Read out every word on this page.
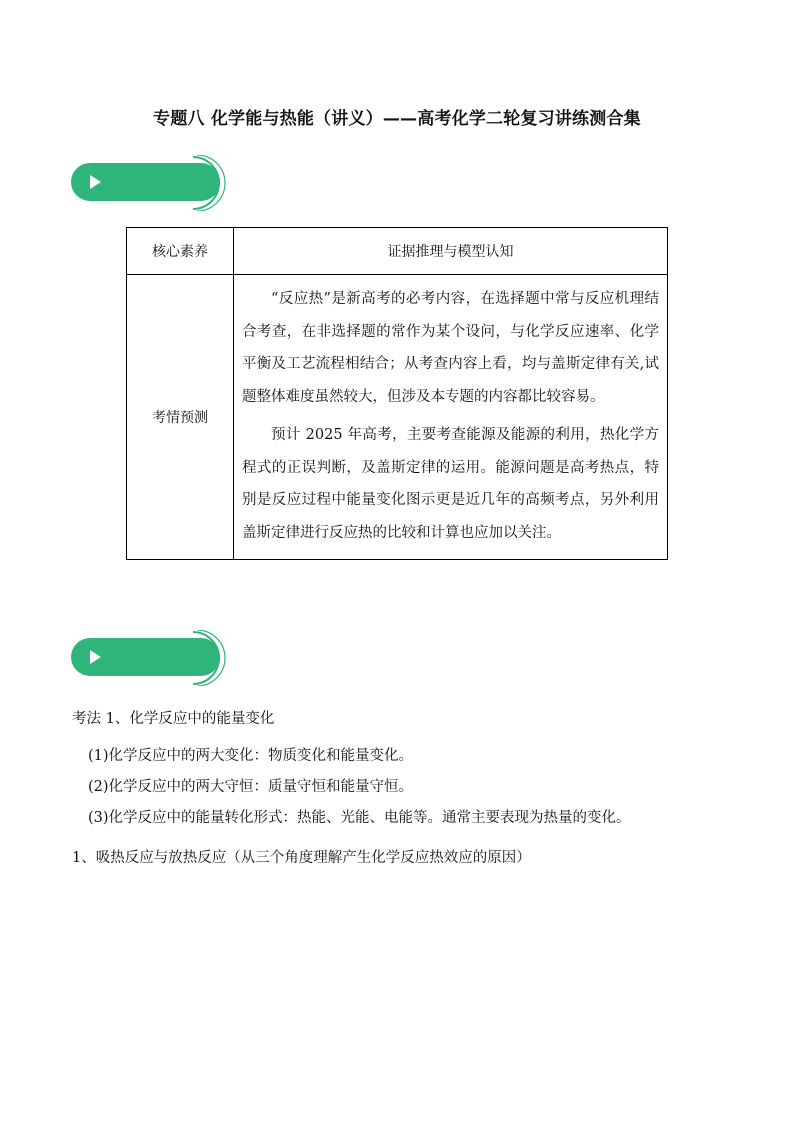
专题八 化学能与热能（讲义）——高考化学二轮复习讲练测合集
核心素养	证据推理与模型认知
考情预测	“反应热”是新高考的必考内容，在选择题中常与反应机理结合考查，在非选择题的常作为某个设问，与化学反应速率、化学平衡及工艺流程相结合；从考查内容上看，均与盖斯定律有关,试题整体难度虽然较大，但涉及本专题的内容都比较容易。

预计 2025 年高考，主要考查能源及能源的利用，热化学方程式的正误判断，及盖斯定律的运用。能源问题是高考热点，特别是反应过程中能量变化图示更是近几年的高频考点，另外利用盖斯定律进行反应热的比较和计算也应加以关注。

考法 1、化学反应中的能量变化
(1)化学反应中的两大变化：物质变化和能量变化。
(2)化学反应中的两大守恒：质量守恒和能量守恒。
(3)化学反应中的能量转化形式：热能、光能、电能等。通常主要表现为热量的变化。
1、吸热反应与放热反应（从三个角度理解产生化学反应热效应的原因）
